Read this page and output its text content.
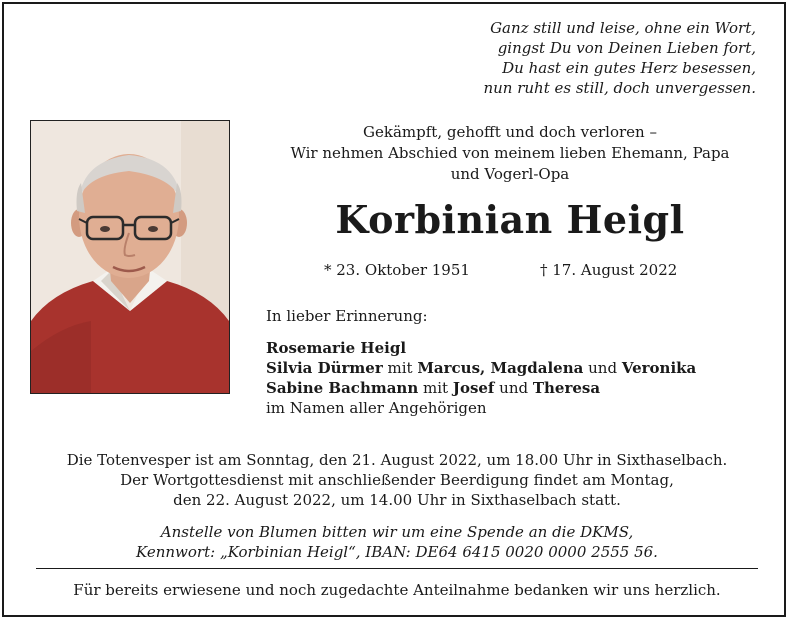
Ganz still und leise, ohne ein Wort,
gingst Du von Deinen Lieben fort,
Du hast ein gutes Herz besessen,
nun ruht es still, doch unvergessen.
Gekämpft, gehofft und doch verloren –
Wir nehmen Abschied von meinem lieben Ehemann, Papa
und Vogerl-Opa
Korbinian Heigl
* 23. Oktober 1951	† 17. August 2022
In lieber Erinnerung:
Rosemarie Heigl
Silvia Dürmer mit Marcus, Magdalena und Veronika
Sabine Bachmann mit Josef und Theresa
im Namen aller Angehörigen
Die Totenvesper ist am Sonntag, den 21. August 2022, um 18.00 Uhr in Sixthaselbach.
Der Wortgottesdienst mit anschließender Beerdigung findet am Montag,
den 22. August 2022, um 14.00 Uhr in Sixthaselbach statt.
Anstelle von Blumen bitten wir um eine Spende an die DKMS,
Kennwort: „Korbinian Heigl“, IBAN: DE64 6415 0020 0000 2555 56.
Für bereits erwiesene und noch zugedachte Anteilnahme bedanken wir uns herzlich.
